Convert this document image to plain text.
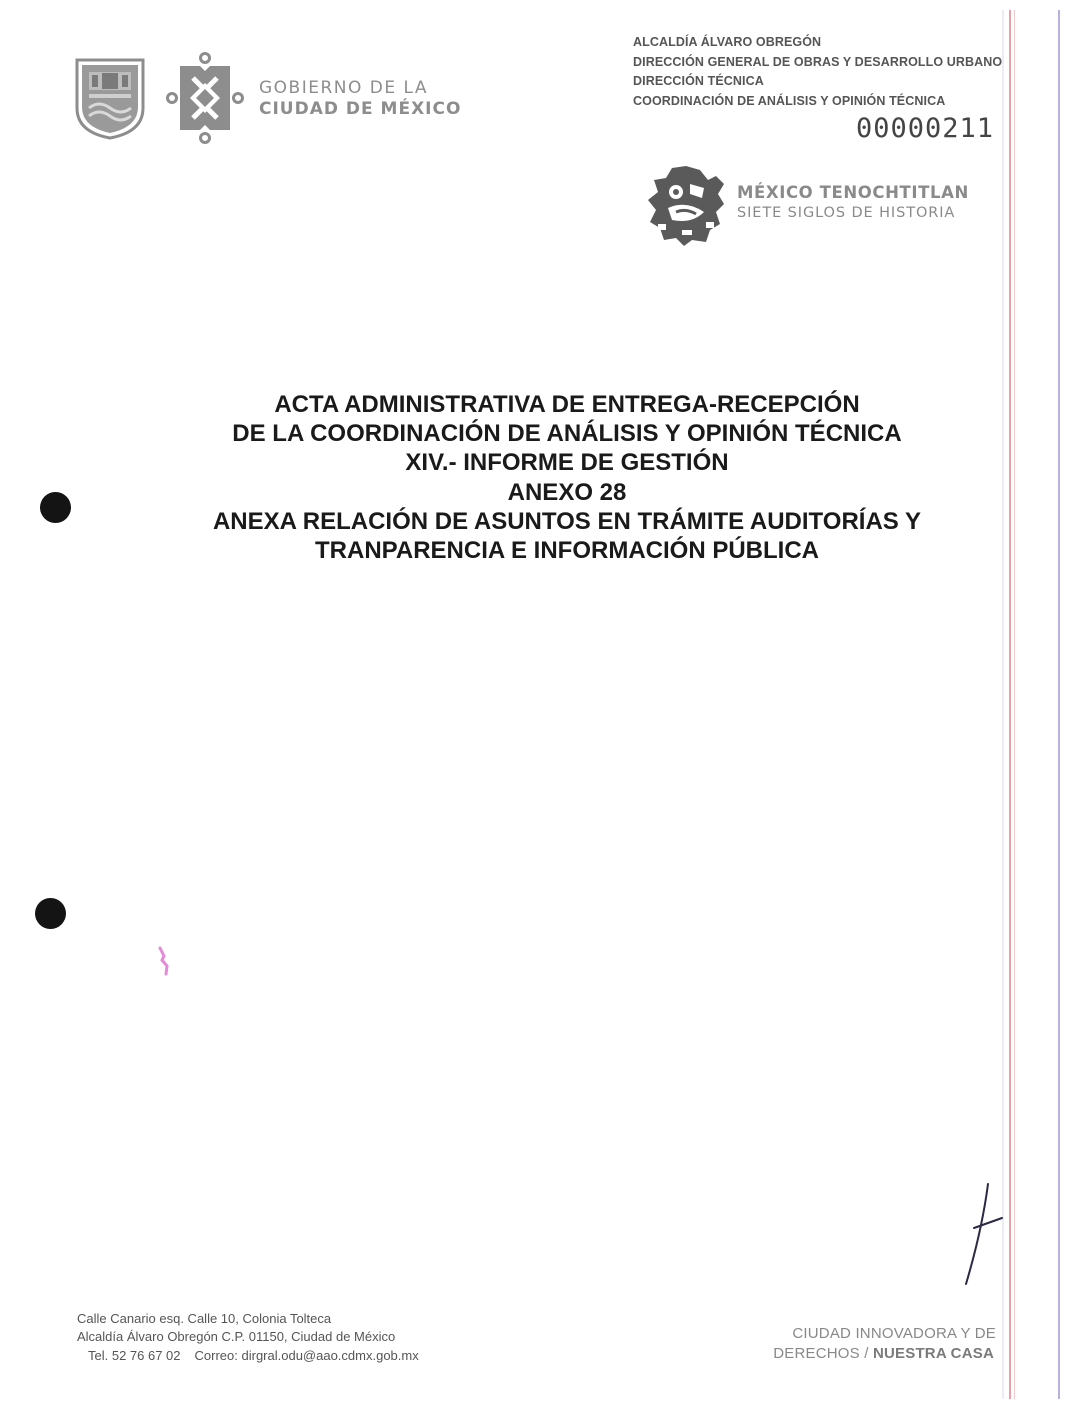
GOBIERNO DE LA
CIUDAD DE MÉXICO
ALCALDÍA ÁLVARO OBREGÓN
DIRECCIÓN GENERAL DE OBRAS Y DESARROLLO URBANO
DIRECCIÓN TÉCNICA
COORDINACIÓN DE ANÁLISIS Y OPINIÓN TÉCNICA
00000211
MÉXICO TENOCHTITLAN
SIETE SIGLOS DE HISTORIA
ACTA ADMINISTRATIVA DE ENTREGA-RECEPCIÓN
DE LA COORDINACIÓN DE ANÁLISIS Y OPINIÓN TÉCNICA
XIV.- INFORME DE GESTIÓN
ANEXO 28
ANEXA RELACIÓN DE ASUNTOS EN TRÁMITE AUDITORÍAS Y
TRANPARENCIA E INFORMACIÓN PÚBLICA
Calle Canario esq. Calle 10, Colonia Tolteca
Alcaldía Álvaro Obregón C.P. 01150, Ciudad de México
Tel. 52 76 67 02 Correo: dirgral.odu@aao.cdmx.gob.mx
CIUDAD INNOVADORA Y DE
DERECHOS / NUESTRA CASA
